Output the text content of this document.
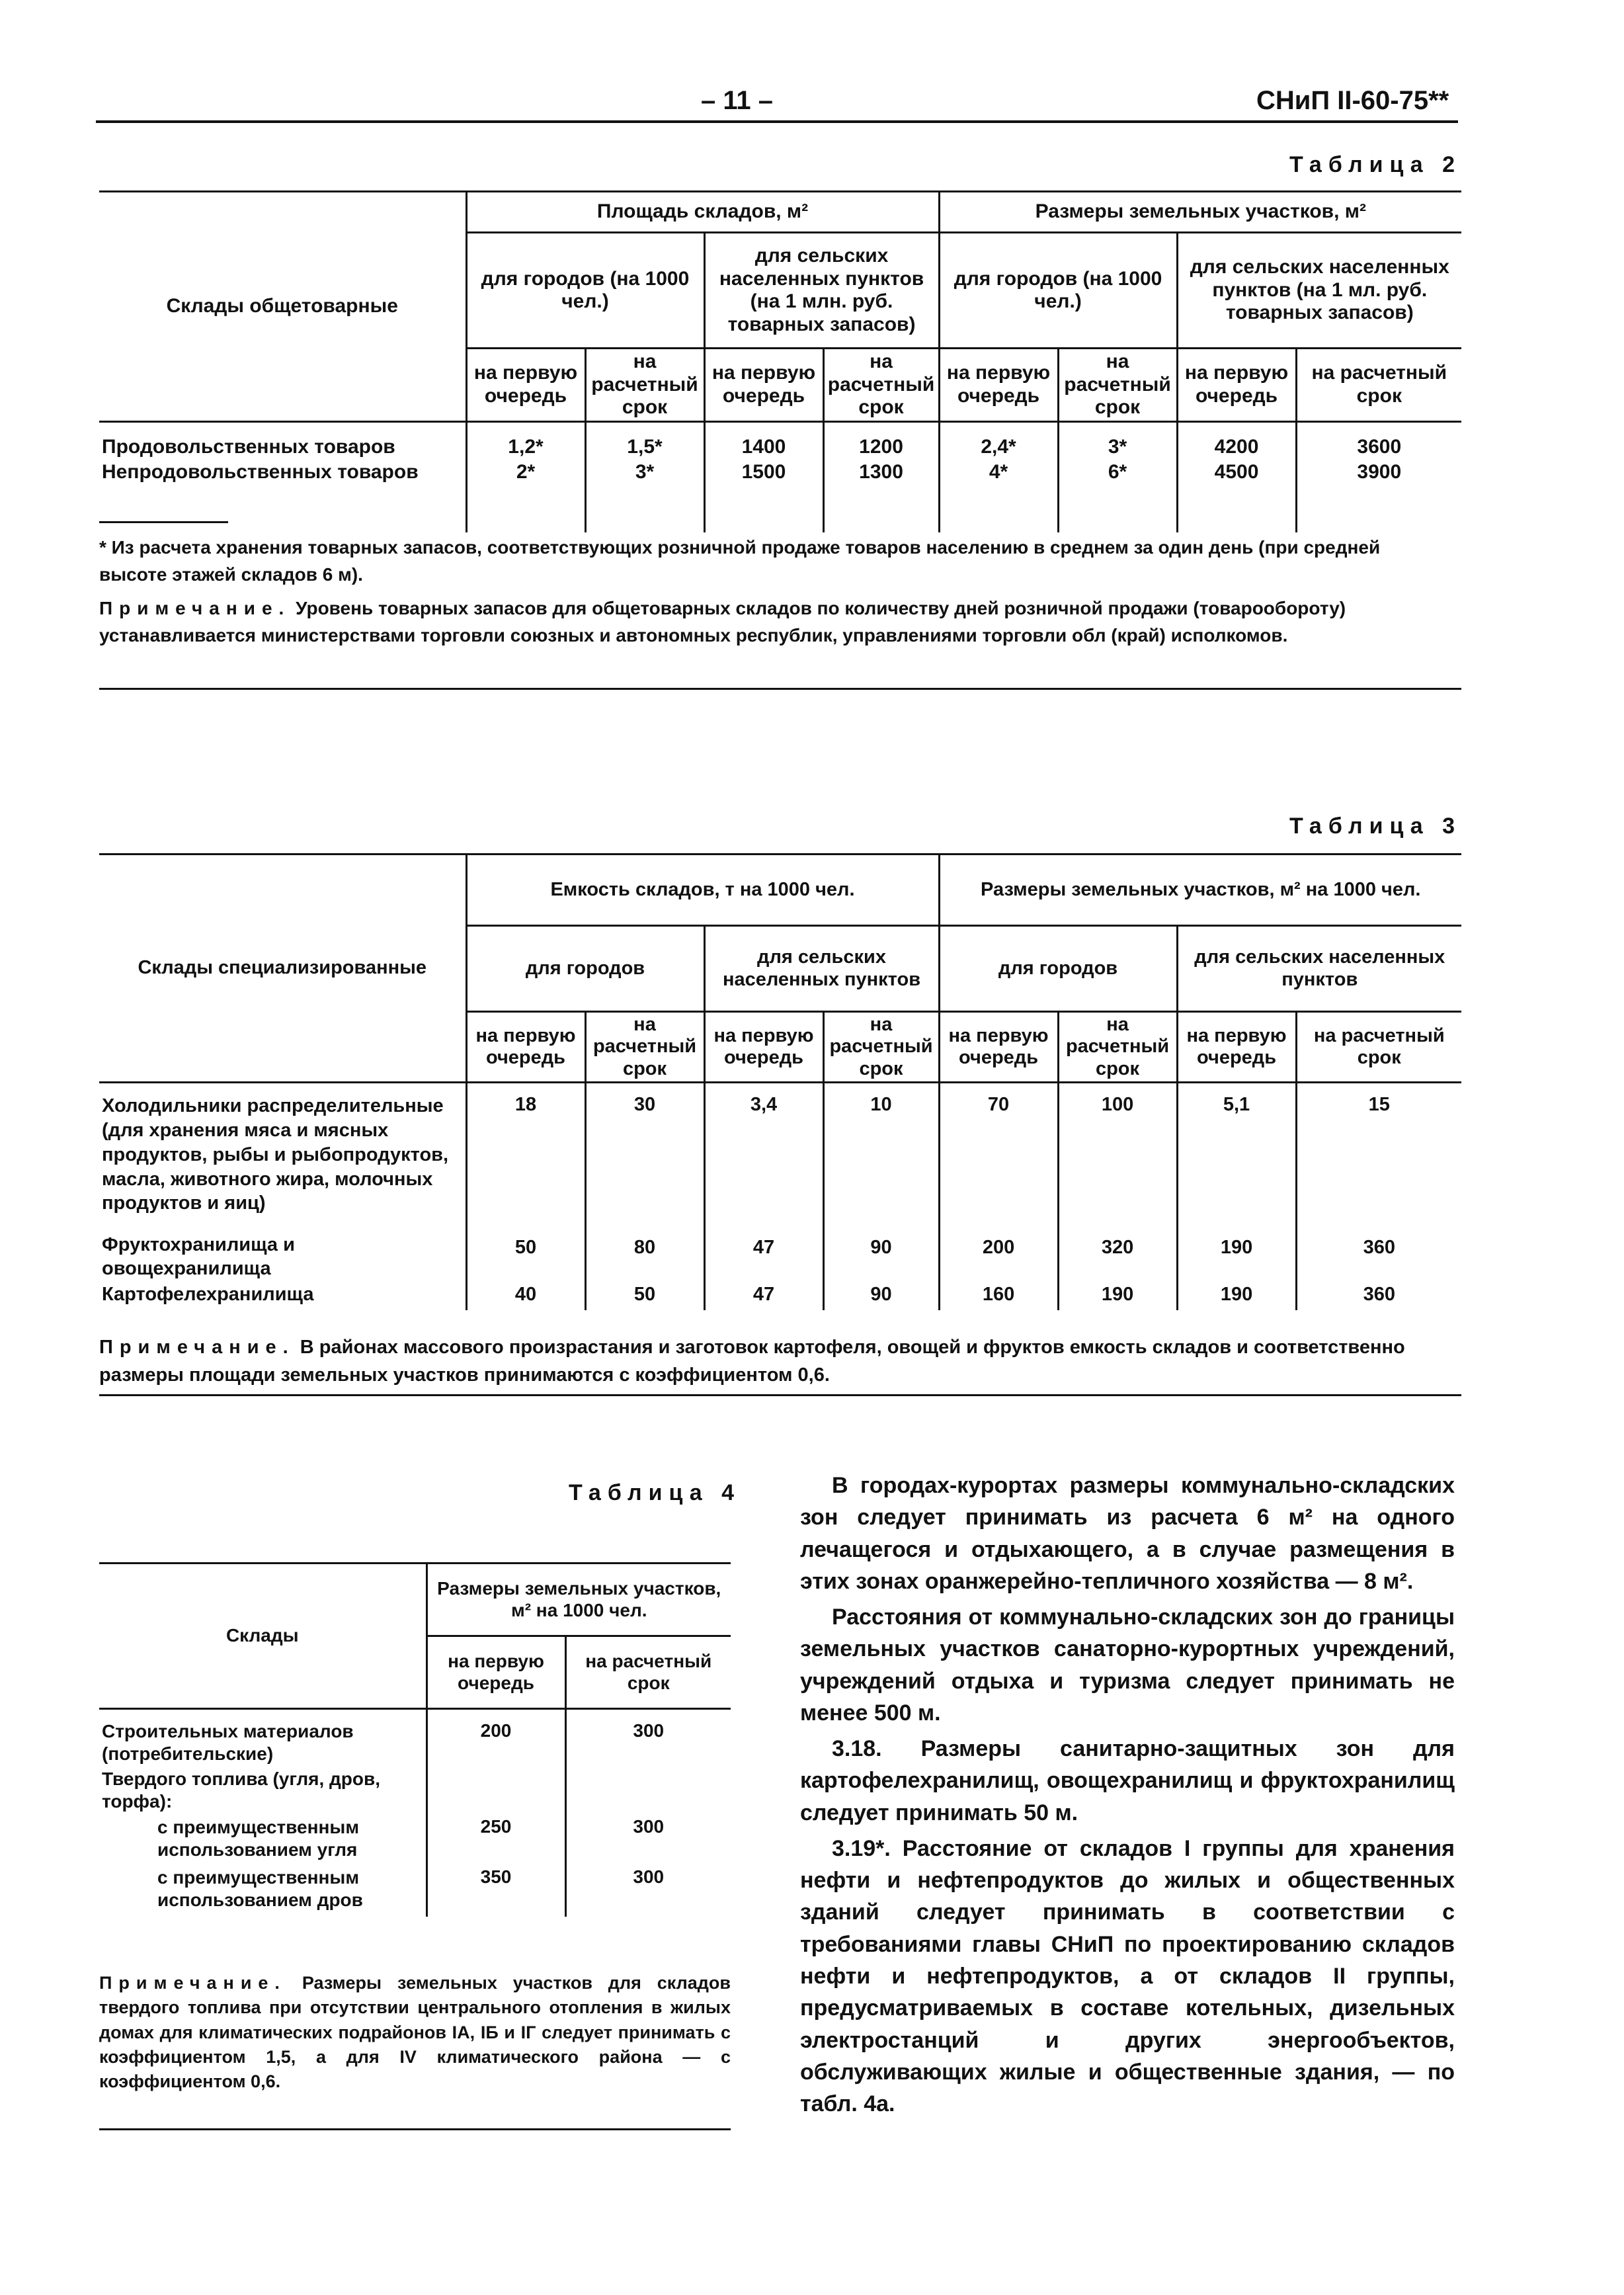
– 11 –	СНиП II-60-75**
Таблица 2
Склады общетоварные	Площадь складов, м²				Размеры земельных участков, м²			
	для городов (на 1000 чел.)		для сельских населенных пунктов (на 1 млн. руб. товарных запасов)		для городов (на 1000 чел.)		для сельских населенных пунктов (на 1 мл. руб. товарных запасов)	
	на первую очередь	на расчетный срок	на первую очередь	на расчетный срок	на первую очередь	на расчетный срок	на первую очередь	на расчетный срок
Продовольственных товаров	1,2*	1,5*	1400	1200	2,4*	3*	4200	3600
Непродовольственных товаров	2*	3*	1500	1300	4*	6*	4500	3900
* Из расчета хранения товарных запасов, соответствующих розничной продаже товаров населению в среднем за один день (при средней высоте этажей складов 6 м).
Примечание. Уровень товарных запасов для общетоварных складов по количеству дней розничной продажи (товарообороту) устанавливается министерствами торговли союзных и автономных республик, управлениями торговли обл (край) исполкомов.
Таблица 3
Склады специализированные	Емкость складов, т на 1000 чел.				Размеры земельных участков, м² на 1000 чел.			
	для городов		для сельских населенных пунктов		для городов		для сельских населенных пунктов	
	на первую очередь	на расчетный срок	на первую очередь	на расчетный срок	на первую очередь	на расчетный срок	на первую очередь	на расчетный срок
Холодильники распределительные (для хранения мяса и мясных продуктов, рыбы и рыбопродуктов, масла, животного жира, молочных продуктов и яиц)	18	30	3,4	10	70	100	5,1	15
Фруктохранилища и овощехранилища	50	80	47	90	200	320	190	360
Картофелехранилища	40	50	47	90	160	190	190	360
Примечание. В районах массового произрастания и заготовок картофеля, овощей и фруктов емкость складов и соответственно размеры площади земельных участков принимаются с коэффициентом 0,6.
Таблица 4
Склады	Размеры земельных участков, м² на 1000 чел.	
	на первую очередь	на расчетный срок
Строительных материалов (потребительские)	200	300
Твердого топлива (угля, дров, торфа):		
с преимущественным использованием угля	250	300
с преимущественным использованием дров	350	300
Примечание. Размеры земельных участков для складов твердого топлива при отсутствии центрального отопления в жилых домах для климатических подрайонов IА, IБ и IГ следует принимать с коэффициентом 1,5, а для IV климатического района — с коэффициентом 0,6.

В городах-курортах размеры коммунально-складских зон следует принимать из расчета 6 м² на одного лечащегося и отдыхающего, а в случае размещения в этих зонах оранжерейно-тепличного хозяйства — 8 м².

Расстояния от коммунально-складских зон до границы земельных участков санаторно-курортных учреждений, учреждений отдыха и туризма следует принимать не менее 500 м.

3.18. Размеры санитарно-защитных зон для картофелехранилищ, овощехранилищ и фруктохранилищ следует принимать 50 м.

3.19*. Расстояние от складов I группы для хранения нефти и нефтепродуктов до жилых и общественных зданий следует принимать в соответствии с требованиями главы СНиП по проектированию складов нефти и нефтепродуктов, а от складов II группы, предусматриваемых в составе котельных, дизельных электростанций и других энергообъектов, обслуживающих жилые и общественные здания, — по табл. 4а.
